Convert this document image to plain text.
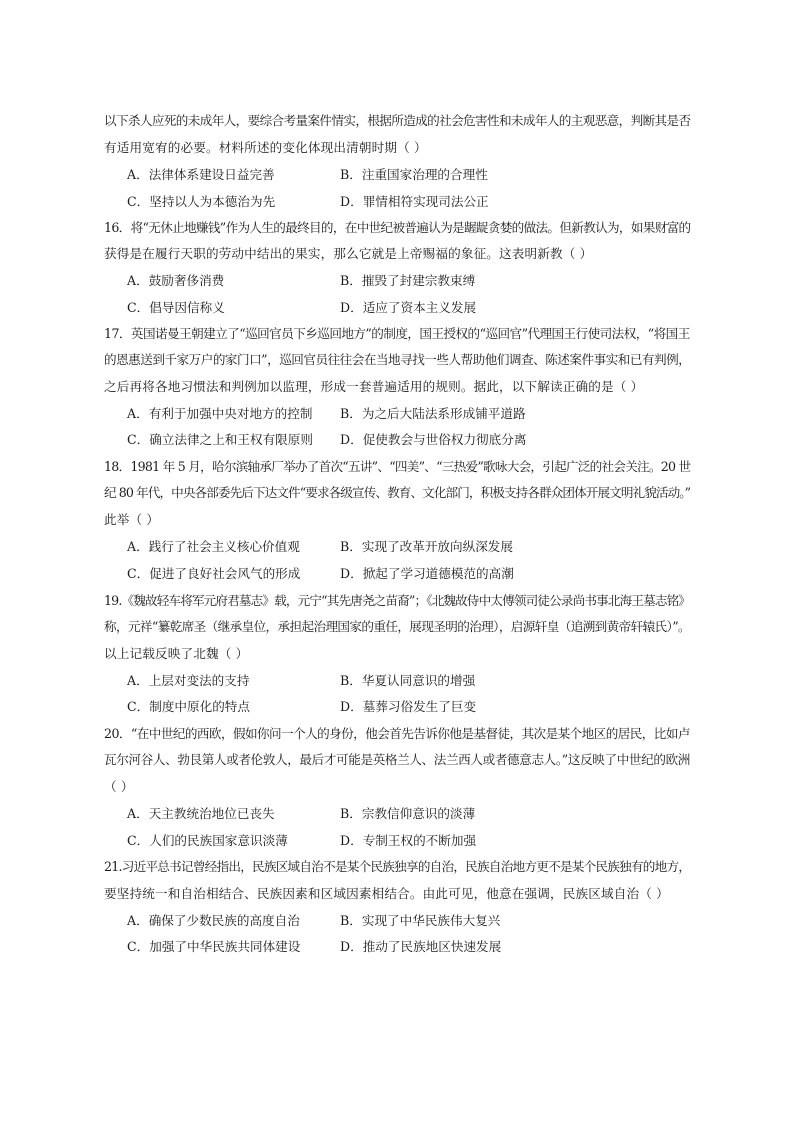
以下杀人应死的未成年人，要综合考量案件情实，根据所造成的社会危害性和未成年人的主观恶意，判断其是否
有适用宽宥的必要。材料所述的变化体现出清朝时期（ ）
A．法律体系建设日益完善	B．注重国家治理的合理性
C．坚持以人为本德治为先	D．罪情相符实现司法公正
16．将“无休止地赚钱”作为人生的最终目的，在中世纪被普遍认为是龌龊贪婪的做法。但新教认为，如果财富的
获得是在履行天职的劳动中结出的果实，那么它就是上帝赐福的象征。这表明新教（ ）
A．鼓励奢侈消费	B．摧毁了封建宗教束缚
C．倡导因信称义	D．适应了资本主义发展
17．英国诺曼王朝建立了“巡回官员下乡巡回地方”的制度，国王授权的“巡回官”代理国王行使司法权，“将国王
的恩惠送到千家万户的家门口”，巡回官员往往会在当地寻找一些人帮助他们调查、陈述案件事实和已有判例，
之后再将各地习惯法和判例加以监理，形成一套普遍适用的规则。据此，以下解读正确的是（ ）
A．有利于加强中央对地方的控制 B．为之后大陆法系形成铺平道路
C．确立法律之上和王权有限原则 D．促使教会与世俗权力彻底分离
18．1981 年 5 月，哈尔滨轴承厂举办了首次“五讲”、“四美”、“三热爱”歌咏大会，引起广泛的社会关注。20 世
纪 80 年代，中央各部委先后下达文件“要求各级宣传、教育、文化部门，积极支持各群众团体开展文明礼貌活动。”
此举（ ）
A．践行了社会主义核心价值观	B．实现了改革开放向纵深发展
C．促进了良好社会风气的形成	D．掀起了学习道德模范的高潮
19.《魏故轻车将军元府君墓志》载，元宁“其先唐尧之苗裔”；《北魏故侍中太傅领司徒公录尚书事北海王墓志铭》
称，元祥“纂乾席圣（继承皇位，承担起治理国家的重任，展现圣明的治理），启源轩皇（追溯到黄帝轩辕氏）”。
以上记载反映了北魏（ ）
A．上层对变法的支持	B．华夏认同意识的增强
C．制度中原化的特点	D．墓葬习俗发生了巨变
20．“在中世纪的西欧，假如你问一个人的身份，他会首先告诉你他是基督徒，其次是某个地区的居民，比如卢
瓦尔河谷人、勃艮第人或者伦敦人，最后才可能是英格兰人、法兰西人或者德意志人。”这反映了中世纪的欧洲
（ ）
A．天主教统治地位已丧失	B．宗教信仰意识的淡薄
C．人们的民族国家意识淡薄	D．专制王权的不断加强
21.习近平总书记曾经指出，民族区域自治不是某个民族独享的自治，民族自治地方更不是某个民族独有的地方，
要坚持统一和自治相结合、民族因素和区域因素相结合。由此可见，他意在强调，民族区域自治（ ）
A．确保了少数民族的高度自治	B．实现了中华民族伟大复兴
C．加强了中华民族共同体建设	D．推动了民族地区快速发展
